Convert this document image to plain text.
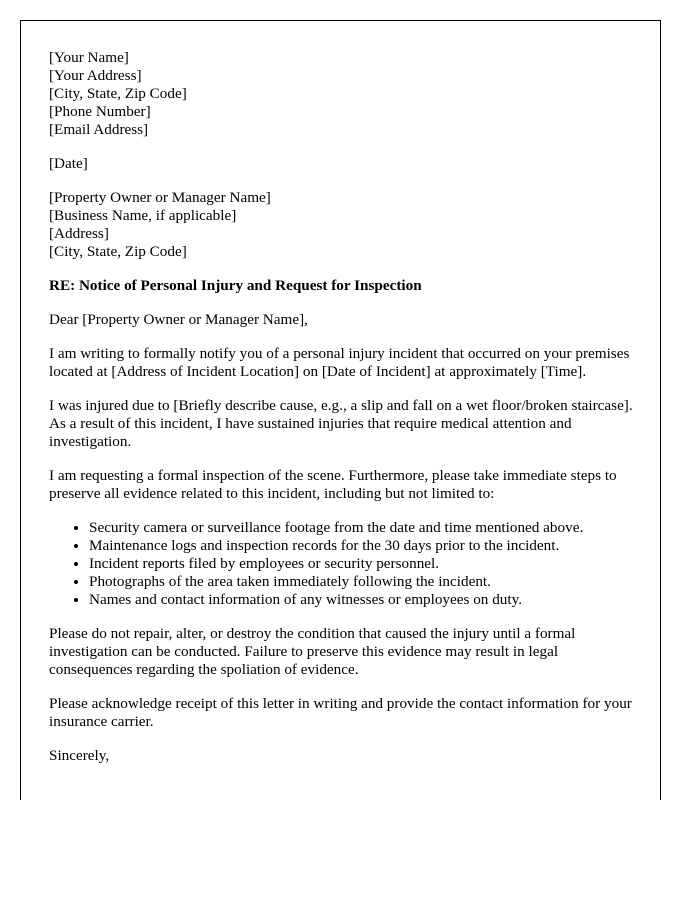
[Your Name]
[Your Address]
[City, State, Zip Code]
[Phone Number]
[Email Address]
[Date]
[Property Owner or Manager Name]
[Business Name, if applicable]
[Address]
[City, State, Zip Code]

RE: Notice of Personal Injury and Request for Inspection

Dear [Property Owner or Manager Name],

I am writing to formally notify you of a personal injury incident that occurred on your premises located at [Address of Incident Location] on [Date of Incident] at approximately [Time].

I was injured due to [Briefly describe cause, e.g., a slip and fall on a wet floor/broken staircase]. As a result of this incident, I have sustained injuries that require medical attention and investigation.

I am requesting a formal inspection of the scene. Furthermore, please take immediate steps to preserve all evidence related to this incident, including but not limited to:

• Security camera or surveillance footage from the date and time mentioned above.
• Maintenance logs and inspection records for the 30 days prior to the incident.
• Incident reports filed by employees or security personnel.
• Photographs of the area taken immediately following the incident.
• Names and contact information of any witnesses or employees on duty.

Please do not repair, alter, or destroy the condition that caused the injury until a formal investigation can be conducted. Failure to preserve this evidence may result in legal consequences regarding the spoliation of evidence.

Please acknowledge receipt of this letter in writing and provide the contact information for your insurance carrier.

Sincerely,
